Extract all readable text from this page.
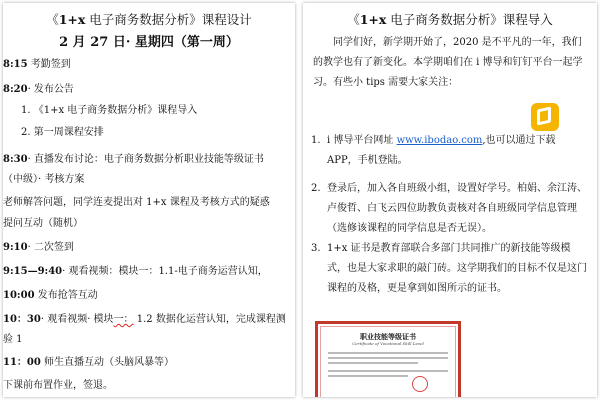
《1+x 电子商务数据分析》课程设计

2 月 27 日· 星期四（第一周）

8:15 考勤签到
8:20· 发布公告
1. 《1+x 电子商务数据分析》课程导入
2. 第一周课程安排
8:30· 直播发布讨论：电子商务数据分析职业技能等级证书
（中级）· 考核方案
老师解答问题，同学连麦提出对 1+x 课程及考核方式的疑惑
提问互动（随机）
9:10· 二次签到
9:15—9:40· 观看视频：模块一：1.1-电子商务运营认知，
10:00 发布抢答互动
10：30· 观看视频· 模块一： 1.2 数据化运营认知，完成课程测
验 1
11：00 师生直播互动（头脑风暴等）
下课前布置作业，签退。

《1+x 电子商务数据分析》课程导入

同学们好，新学期开始了，2020 是不平凡的一年，我们的教学也有了新变化。本学期咱们在 i 博导和钉钉平台一起学习。有些小 tips 需要大家关注：
1. i 博导平台网址 www.ibodao.com,也可以通过下载 APP，手机登陆。
2. 登录后，加入各自班级小组，设置好学号。柏娟、余江涛、卢俊哲、白飞云四位助教负责核对各自班级同学信息管理（选修该课程的同学信息是否无误）。
3. 1+x 证书是教育部联合多部门共同推广的新技能等级模式，也是大家求职的敲门砖。这学期我们的目标不仅是这门课程的及格，更是拿到如图所示的证书。
职业技能等级证书
Certificate of Vocational Skill Level
